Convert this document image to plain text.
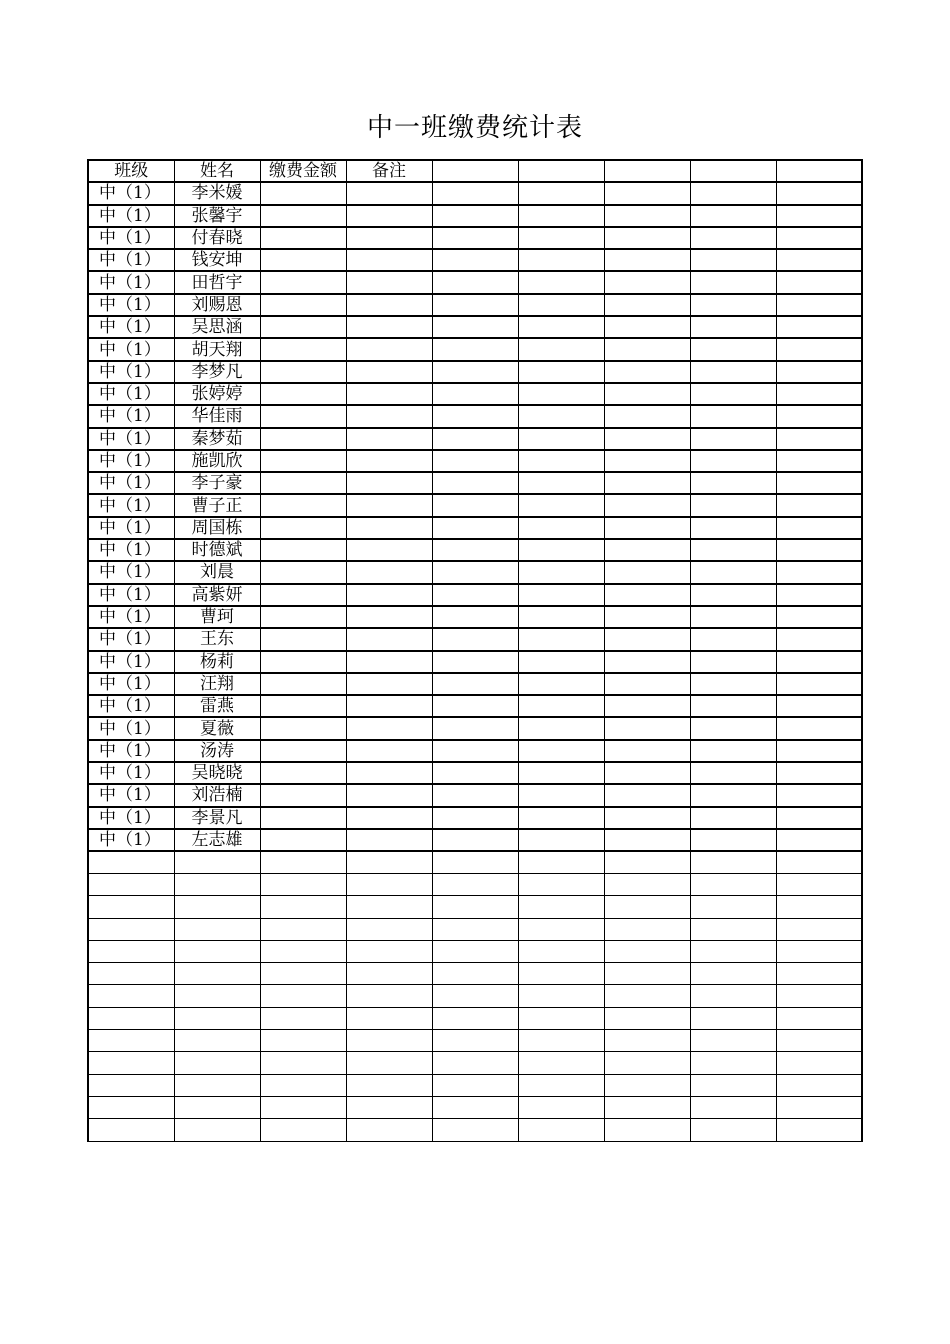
中一班缴费统计表
班级	姓名	缴费金额	备注					
中（1）	李米媛							
中（1）	张馨宇							
中（1）	付春晓							
中（1）	钱安坤							
中（1）	田哲宇							
中（1）	刘赐恩							
中（1）	吴思涵							
中（1）	胡天翔							
中（1）	李梦凡							
中（1）	张婷婷							
中（1）	华佳雨							
中（1）	秦梦茹							
中（1）	施凯欣							
中（1）	李子豪							
中（1）	曹子正							
中（1）	周国栋							
中（1）	时德斌							
中（1）	刘晨							
中（1）	高紫妍							
中（1）	曹珂							
中（1）	王东							
中（1）	杨莉							
中（1）	汪翔							
中（1）	雷燕							
中（1）	夏薇							
中（1）	汤涛							
中（1）	吴晓晓							
中（1）	刘浩楠							
中（1）	李景凡							
中（1）	左志雄							
